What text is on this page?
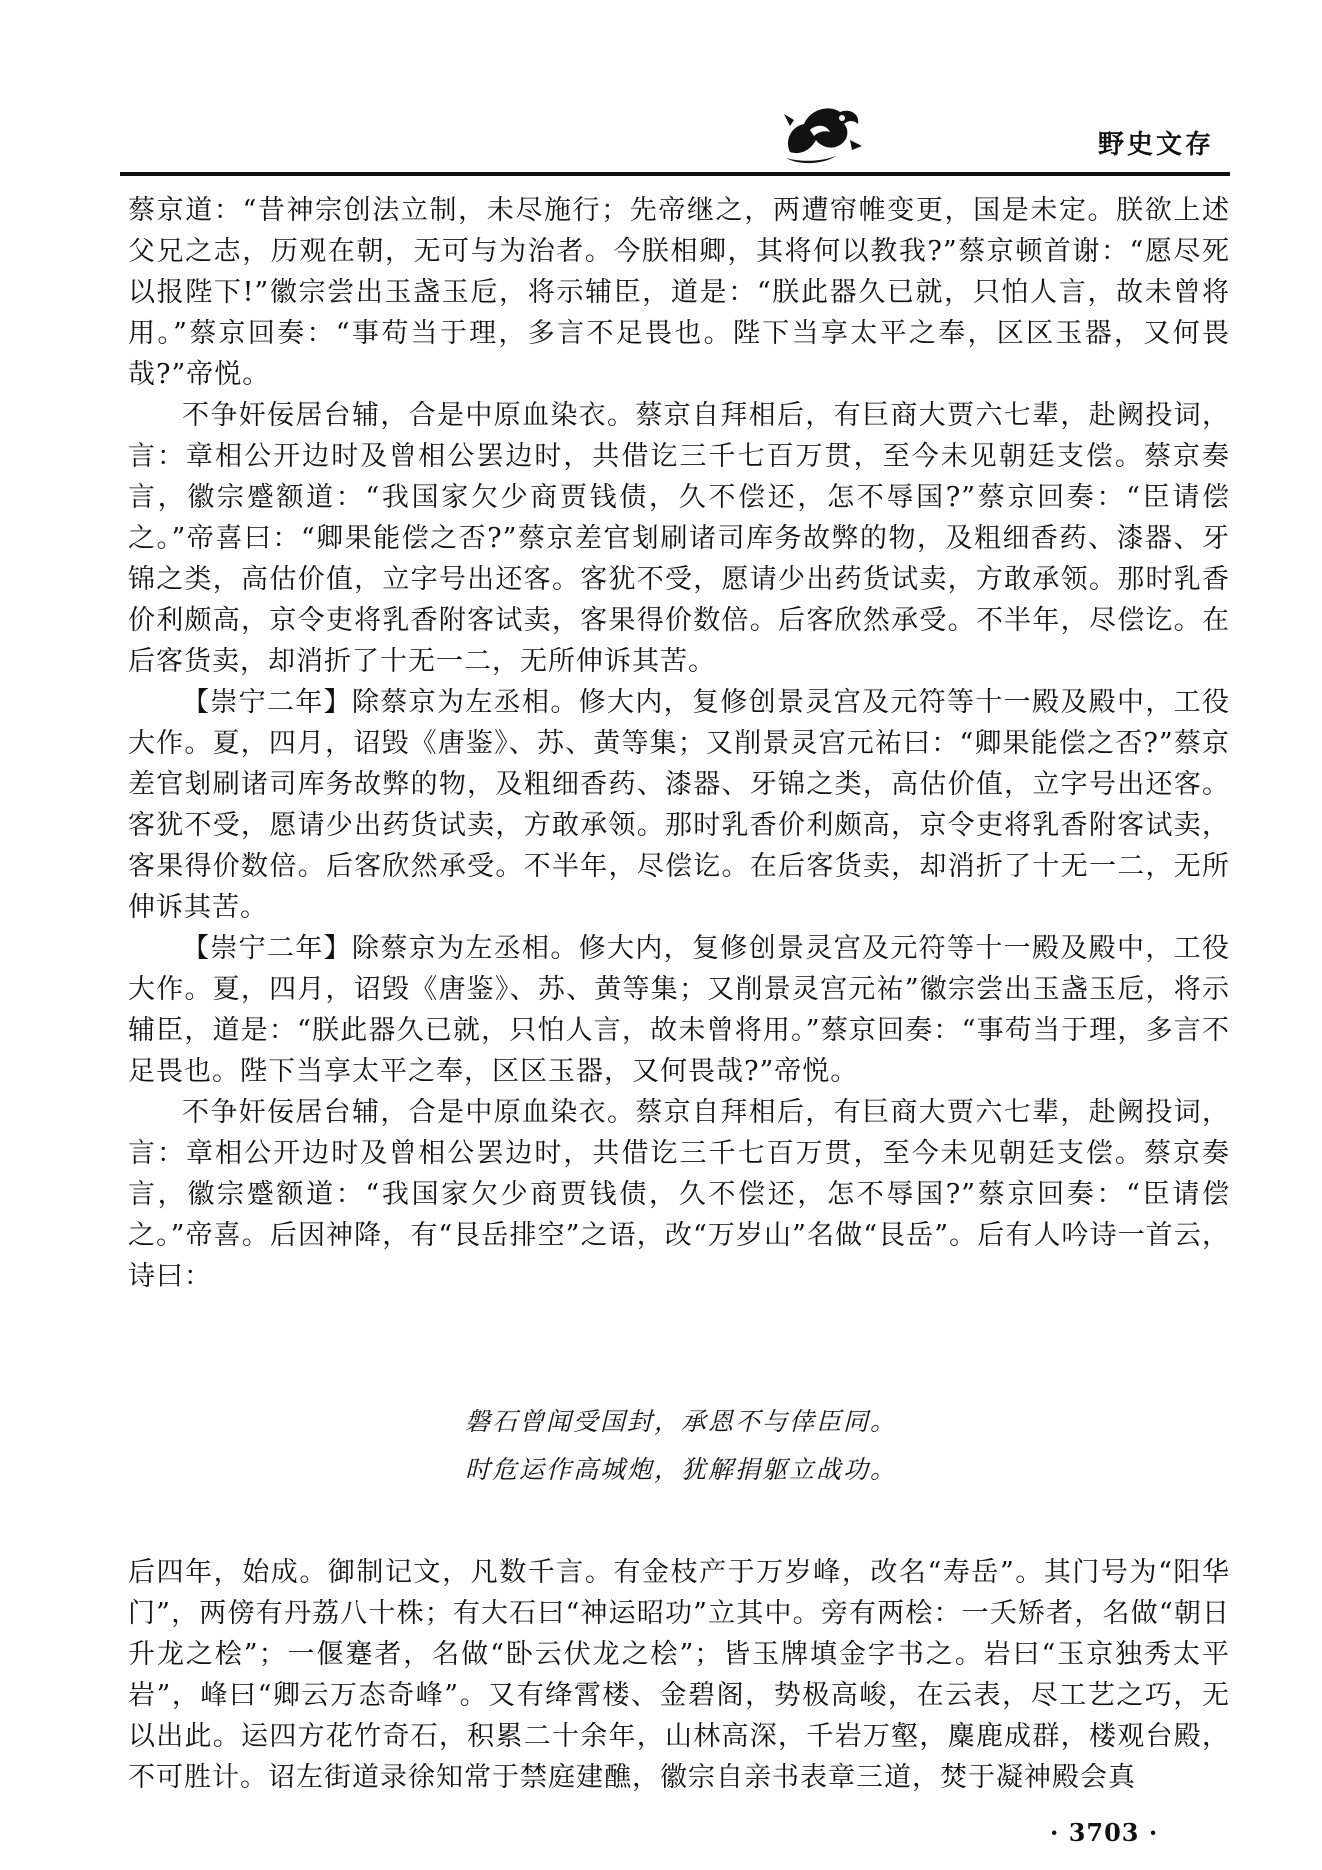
野史文存

蔡京道：“昔神宗创法立制，未尽施行；先帝继之，两遭帘帷变更，国是未定。朕欲上述父兄之志，历观在朝，无可与为治者。今朕相卿，其将何以教我?”蔡京顿首谢：“愿尽死以报陛下!”徽宗尝出玉盏玉卮，将示辅臣，道是：“朕此器久已就，只怕人言，故未曾将用。”蔡京回奏：“事苟当于理，多言不足畏也。陛下当享太平之奉，区区玉器，又何畏哉?”帝悦。

不争奸佞居台辅，合是中原血染衣。蔡京自拜相后，有巨商大贾六七辈，赴阙投词，言：章相公开边时及曾相公罢边时，共借讫三千七百万贯，至今未见朝廷支偿。蔡京奏言，徽宗蹙额道：“我国家欠少商贾钱债，久不偿还，怎不辱国?”蔡京回奏：“臣请偿之。”帝喜曰：“卿果能偿之否?”蔡京差官刬刷诸司库务故弊的物，及粗细香药、漆器、牙锦之类，高估价值，立字号出还客。客犹不受，愿请少出药货试卖，方敢承领。那时乳香价利颇高，京令吏将乳香附客试卖，客果得价数倍。后客欣然承受。不半年，尽偿讫。在后客货卖，却消折了十无一二，无所伸诉其苦。

【崇宁二年】除蔡京为左丞相。修大内，复修创景灵宫及元符等十一殿及殿中，工役大作。夏，四月，诏毁《唐鉴》、苏、黄等集；又削景灵宫元祐曰：“卿果能偿之否?”蔡京差官刬刷诸司库务故弊的物，及粗细香药、漆器、牙锦之类，高估价值，立字号出还客。客犹不受，愿请少出药货试卖，方敢承领。那时乳香价利颇高，京令吏将乳香附客试卖，客果得价数倍。后客欣然承受。不半年，尽偿讫。在后客货卖，却消折了十无一二，无所伸诉其苦。

【崇宁二年】除蔡京为左丞相。修大内，复修创景灵宫及元符等十一殿及殿中，工役大作。夏，四月，诏毁《唐鉴》、苏、黄等集；又削景灵宫元祐”徽宗尝出玉盏玉卮，将示辅臣，道是：“朕此器久已就，只怕人言，故未曾将用。”蔡京回奏：“事苟当于理，多言不足畏也。陛下当享太平之奉，区区玉器，又何畏哉?”帝悦。

不争奸佞居台辅，合是中原血染衣。蔡京自拜相后，有巨商大贾六七辈，赴阙投词，言：章相公开边时及曾相公罢边时，共借讫三千七百万贯，至今未见朝廷支偿。蔡京奏言，徽宗蹙额道：“我国家欠少商贾钱债，久不偿还，怎不辱国?”蔡京回奏：“臣请偿之。”帝喜。后因神降，有“艮岳排空”之语，改“万岁山”名做“艮岳”。后有人吟诗一首云，诗曰：

磐石曾闻受国封，承恩不与倖臣同。
时危运作高城炮，犹解捐躯立战功。

后四年，始成。御制记文，凡数千言。有金枝产于万岁峰，改名“寿岳”。其门号为“阳华门”，两傍有丹荔八十株；有大石曰“神运昭功”立其中。旁有两桧：一夭矫者，名做“朝日升龙之桧”；一偃蹇者，名做“卧云伏龙之桧”；皆玉牌填金字书之。岩曰“玉京独秀太平岩”，峰曰“卿云万态奇峰”。又有绛霄楼、金碧阁，势极高峻，在云表，尽工艺之巧，无以出此。运四方花竹奇石，积累二十余年，山林高深，千岩万壑，麋鹿成群，楼观台殿，不可胜计。诏左街道录徐知常于禁庭建醮，徽宗自亲书表章三道，焚于凝神殿会真

· 3703 ·
